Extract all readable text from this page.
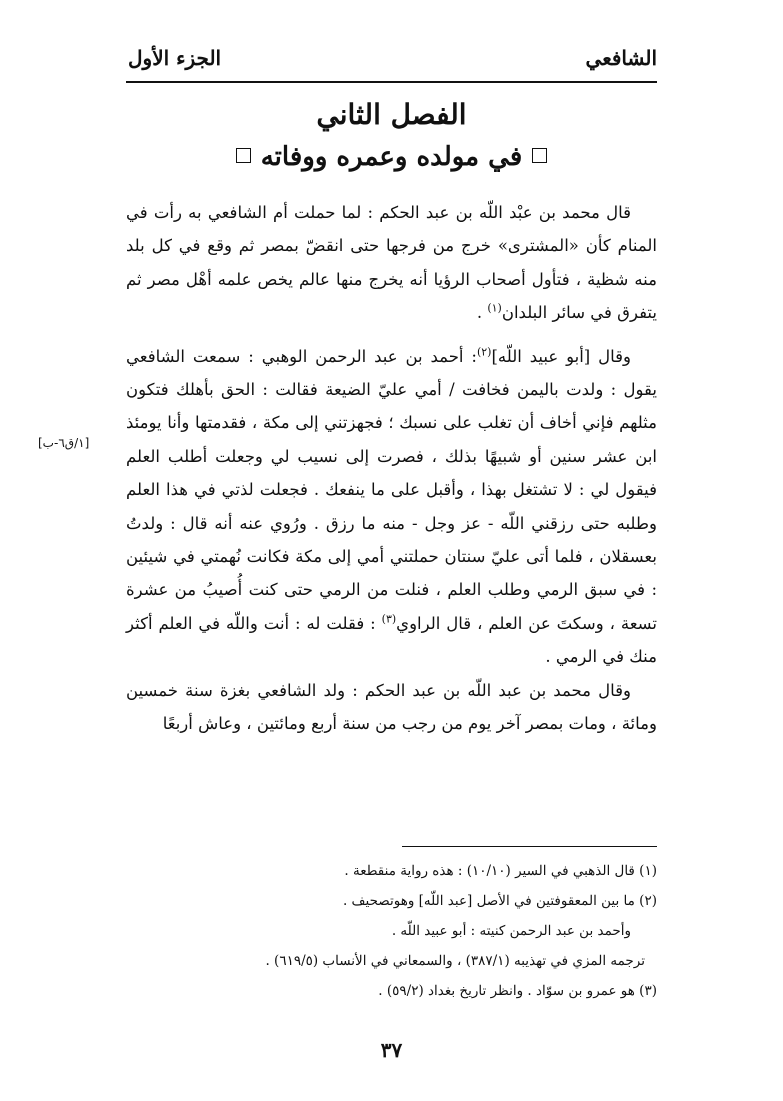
الشافعي
الجزء الأول
الفصل الثاني
في مولده وعمره ووفاته

قال محمد بن عبْد اللّه بن عبد الحكم : لما حملت أم الشافعي به رأت في المنام كأن «المشترى» خرج من فرجها حتى انقضّ بمصر ثم وقع في كل بلد منه شظية ، فتأول أصحاب الرؤيا أنه يخرج منها عالم يخص علمه أهْل مصر ثم يتفرق في سائر البلدان$^{(١)}$ .

وقال [أبو عبيد اللّه]$^{(٢)}$: أحمد بن عبد الرحمن الوهبي : سمعت الشافعي يقول : ولدت باليمن فخافت / أمي عليّ الضيعة فقالت : الحق بأهلك فتكون مثلهم فإني أخاف أن تغلب على نسبك ؛ فجهزتني إلى مكة ، فقدمتها وأنا يومئذ ابن عشر سنين أو شبيهًا بذلك ، فصرت إلى نسيب لي وجعلت أطلب العلم فيقول لي : لا تشتغل بهذا ، وأقبل على ما ينفعك . فجعلت لذتي في هذا العلم وطلبه حتى رزقني اللّه - عز وجل - منه ما رزق . ورُوي عنه أنه قال : ولدتُ بعسقلان ، فلما أتى عليّ سنتان حملتني أمي إلى مكة فكانت نُهمتي في شيئين : في سبق الرمي وطلب العلم ، فنلت من الرمي حتى كنت أُصيبُ من عشرة تسعة ، وسكتَ عن العلم ، قال الراوي$^{(٣)}$ : فقلت له : أنت واللّه في العلم أكثر منك في الرمي .

وقال محمد بن عبد اللّه بن عبد الحكم : ولد الشافعي بغزة سنة خمسين ومائة ، ومات بمصر آخر يوم من رجب من سنة أربع ومائتين ، وعاش أربعًا

[١/ق٦-ب]

(١) قال الذهبي في السير (١٠/١٠) : هذه رواية منقطعة .

(٢) ما بين المعقوفتين في الأصل [عبد اللّه] وهوتصحيف .

وأحمد بن عبد الرحمن كنيته : أبو عبيد اللّه .

ترجمه المزي في تهذيبه (٣٨٧/١) ، والسمعاني في الأنساب (٦١٩/٥) .

(٣) هو عمرو بن سوّاد . وانظر تاريخ بغداد (٥٩/٢) .

٣٧
